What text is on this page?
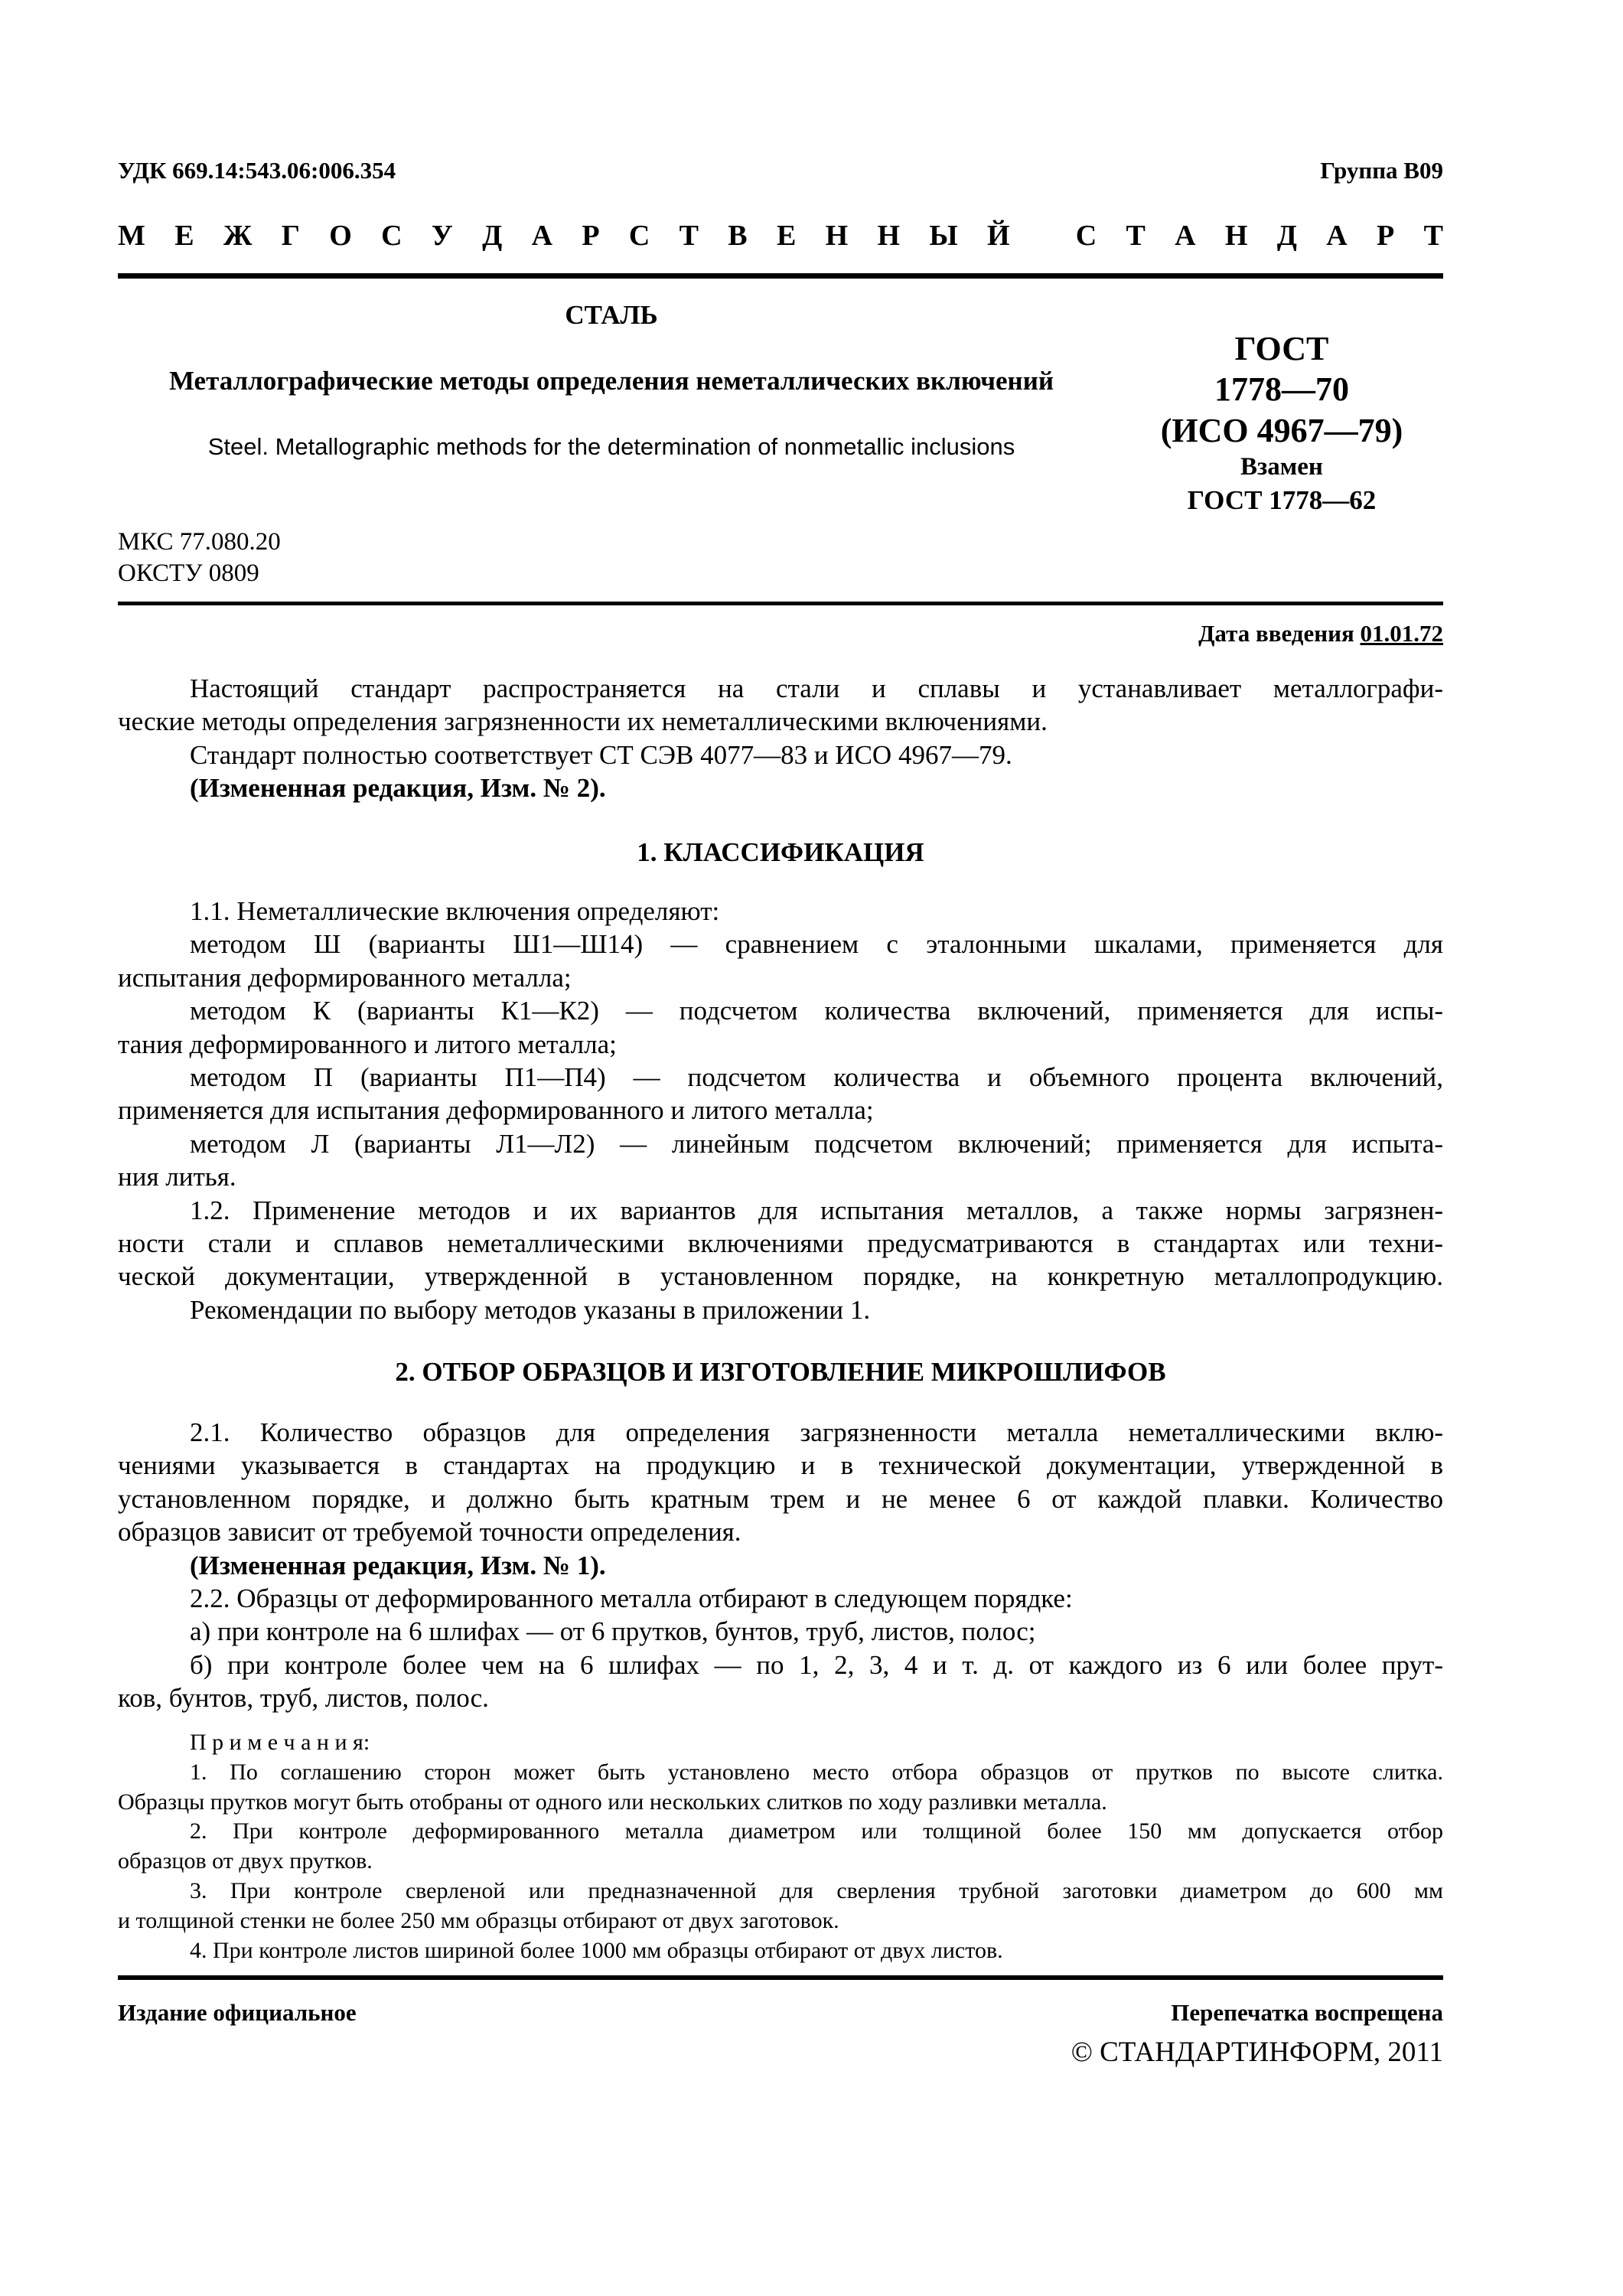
УДК 669.14:543.06:006.354	Группа В09
М Е Ж Г О С У Д А Р С Т В Е Н Н Ы Й
С Т А Н Д А Р Т
СТАЛЬ
Металлографические методы определения неметаллических включений
Steel. Metallographic methods for the determination of nonmetallic inclusions
ГОСТ
1778—70
(ИСО 4967—79)
Взамен
ГОСТ 1778—62
МКС 77.080.20
ОКСТУ 0809
Дата введения 01.01.72
Настоящий стандарт распространяется на стали и сплавы и устанавливает металлографи-
ческие методы определения загрязненности их неметаллическими включениями.
Стандарт полностью соответствует СТ СЭВ 4077—83 и ИСО 4967—79.
(Измененная редакция, Изм. № 2).
1. КЛАССИФИКАЦИЯ
1.1. Неметаллические включения определяют:
методом Ш (варианты Ш1—Ш14) — сравнением с эталонными шкалами, применяется для
испытания деформированного металла;
методом К (варианты К1—К2) — подсчетом количества включений, применяется для испы-
тания деформированного и литого металла;
методом П (варианты П1—П4) — подсчетом количества и объемного процента включений,
применяется для испытания деформированного и литого металла;
методом Л (варианты Л1—Л2) — линейным подсчетом включений; применяется для испыта-
ния литья.
1.2. Применение методов и их вариантов для испытания металлов, а также нормы загрязнен-
ности стали и сплавов неметаллическими включениями предусматриваются в стандартах или техни-
ческой документации, утвержденной в установленном порядке, на конкретную металлопродукцию.
Рекомендации по выбору методов указаны в приложении 1.
2. ОТБОР ОБРАЗЦОВ И ИЗГОТОВЛЕНИЕ МИКРОШЛИФОВ
2.1. Количество образцов для определения загрязненности металла неметаллическими вклю-
чениями указывается в стандартах на продукцию и в технической документации, утвержденной в
установленном порядке, и должно быть кратным трем и не менее 6 от каждой плавки. Количество
образцов зависит от требуемой точности определения.
(Измененная редакция, Изм. № 1).
2.2. Образцы от деформированного металла отбирают в следующем порядке:
а) при контроле на 6 шлифах — от 6 прутков, бунтов, труб, листов, полос;
б) при контроле более чем на 6 шлифах — по 1, 2, 3, 4 и т. д. от каждого из 6 или более прут-
ков, бунтов, труб, листов, полос.
П р и м е ч а н и я:
1. По соглашению сторон может быть установлено место отбора образцов от прутков по высоте слитка.
Образцы прутков могут быть отобраны от одного или нескольких слитков по ходу разливки металла.
2. При контроле деформированного металла диаметром или толщиной более 150 мм допускается отбор
образцов от двух прутков.
3. При контроле сверленой или предназначенной для сверления трубной заготовки диаметром до 600 мм
и толщиной стенки не более 250 мм образцы отбирают от двух заготовок.
4. При контроле листов шириной более 1000 мм образцы отбирают от двух листов.
Издание официальное	Перепечатка воспрещена
© СТАНДАРТИНФОРМ, 2011
